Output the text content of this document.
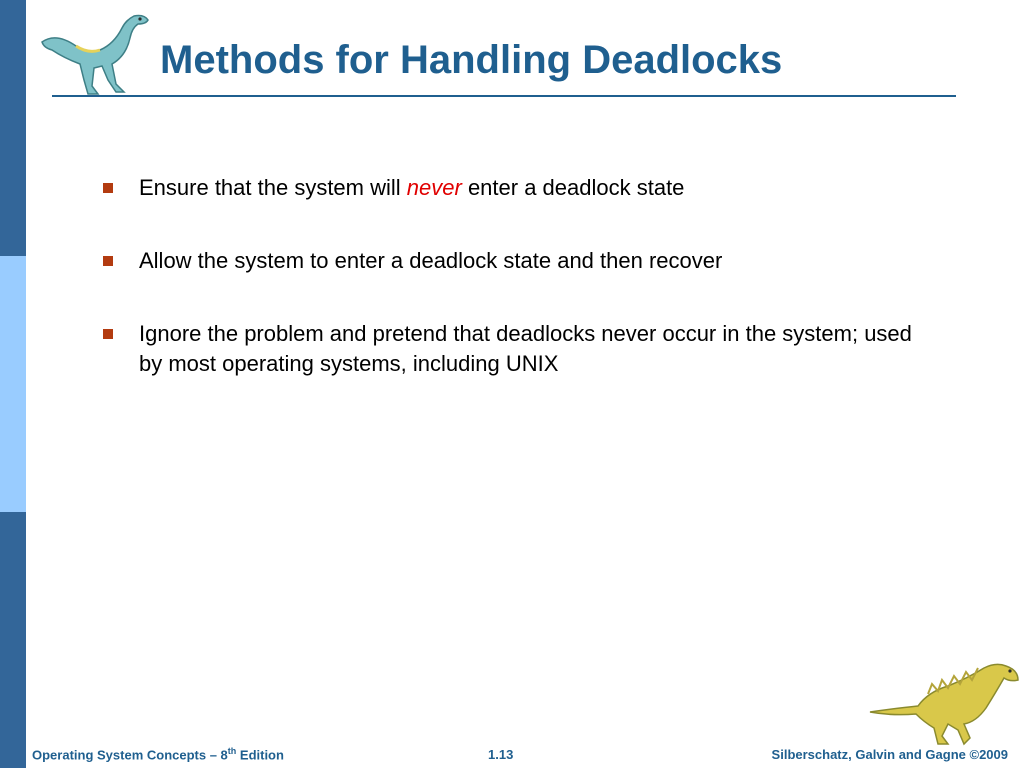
Methods for Handling Deadlocks
Ensure that the system will never enter a deadlock state
Allow the system to enter a deadlock state and then recover
Ignore the problem and pretend that deadlocks never occur in the system; used by most operating systems, including UNIX
Operating System Concepts – 8th Edition	1.13	Silberschatz, Galvin and Gagne ©2009
